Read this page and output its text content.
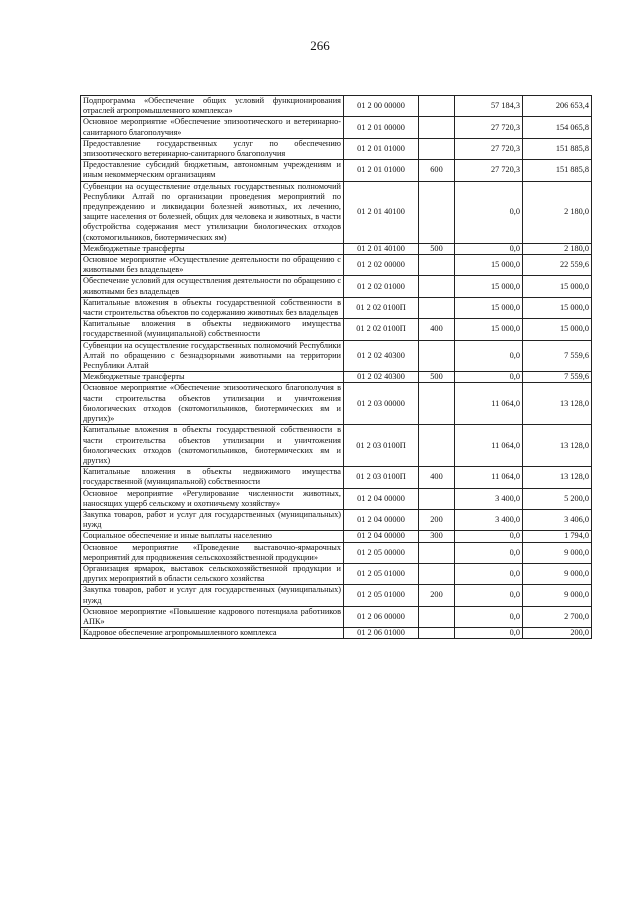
266
Подпрограмма «Обеспечение общих условий функционирования отраслей агропромышленного комплекса»	01 2 00 00000		57 184,3	206 653,4
Основное мероприятие «Обеспечение эпизоотического и ветеринарно-санитарного благополучия»	01 2 01 00000		27 720,3	154 065,8
Предоставление государственных услуг по обеспечению эпизоотического ветеринарно-санитарного благополучия	01 2 01 01000		27 720,3	151 885,8
Предоставление субсидий бюджетным, автономным учреждениям и иным некоммерческим организациям	01 2 01 01000	600	27 720,3	151 885,8
Субвенции на осуществление отдельных государственных полномочий Республики Алтай по организации проведения мероприятий по предупреждению и ликвидации болезней животных, их лечению, защите населения от болезней, общих для человека и животных, в части обустройства содержания мест утилизации биологических отходов (скотомогильников, биотермических ям)	01 2 01 40100		0,0	2 180,0
Межбюджетные трансферты	01 2 01 40100	500	0,0	2 180,0
Основное мероприятие «Осуществление деятельности по обращению с животными без владельцев»	01 2 02 00000		15 000,0	22 559,6
Обеспечение условий для осуществления деятельности по обращению с животными без владельцев	01 2 02 01000		15 000,0	15 000,0
Капитальные вложения в объекты государственной собственности в части строительства объектов по содержанию животных без владельцев	01 2 02 0100П		15 000,0	15 000,0
Капитальные вложения в объекты недвижимого имущества государственной (муниципальной) собственности	01 2 02 0100П	400	15 000,0	15 000,0
Субвенции на осуществление государственных полномочий Республики Алтай по обращению с безнадзорными животными на территории Республики Алтай	01 2 02 40300		0,0	7 559,6
Межбюджетные трансферты	01 2 02 40300	500	0,0	7 559,6
Основное мероприятие «Обеспечение эпизоотического благополучия в части строительства объектов утилизации и уничтожения биологических отходов (скотомогильников, биотермических ям и других)»	01 2 03 00000		11 064,0	13 128,0
Капитальные вложения в объекты государственной собственности в части строительства объектов утилизации и уничтожения биологических отходов (скотомогильников, биотермических ям и других)	01 2 03 0100П		11 064,0	13 128,0
Капитальные вложения в объекты недвижимого имущества государственной (муниципальной) собственности	01 2 03 0100П	400	11 064,0	13 128,0
Основное мероприятие «Регулирование численности животных, наносящих ущерб сельскому и охотничьему хозяйству»	01 2 04 00000		3 400,0	5 200,0
Закупка товаров, работ и услуг для государственных (муниципальных) нужд	01 2 04 00000	200	3 400,0	3 406,0
Социальное обеспечение и иные выплаты населению	01 2 04 00000	300	0,0	1 794,0
Основное мероприятие «Проведение выставочно-ярмарочных мероприятий для продвижения сельскохозяйственной продукции»	01 2 05 00000		0,0	9 000,0
Организация ярмарок, выставок сельскохозяйственной продукции и других мероприятий в области сельского хозяйства	01 2 05 01000		0,0	9 000,0
Закупка товаров, работ и услуг для государственных (муниципальных) нужд	01 2 05 01000	200	0,0	9 000,0
Основное мероприятие «Повышение кадрового потенциала работников АПК»	01 2 06 00000		0,0	2 700,0
Кадровое обеспечение агропромышленного комплекса	01 2 06 01000		0,0	200,0
